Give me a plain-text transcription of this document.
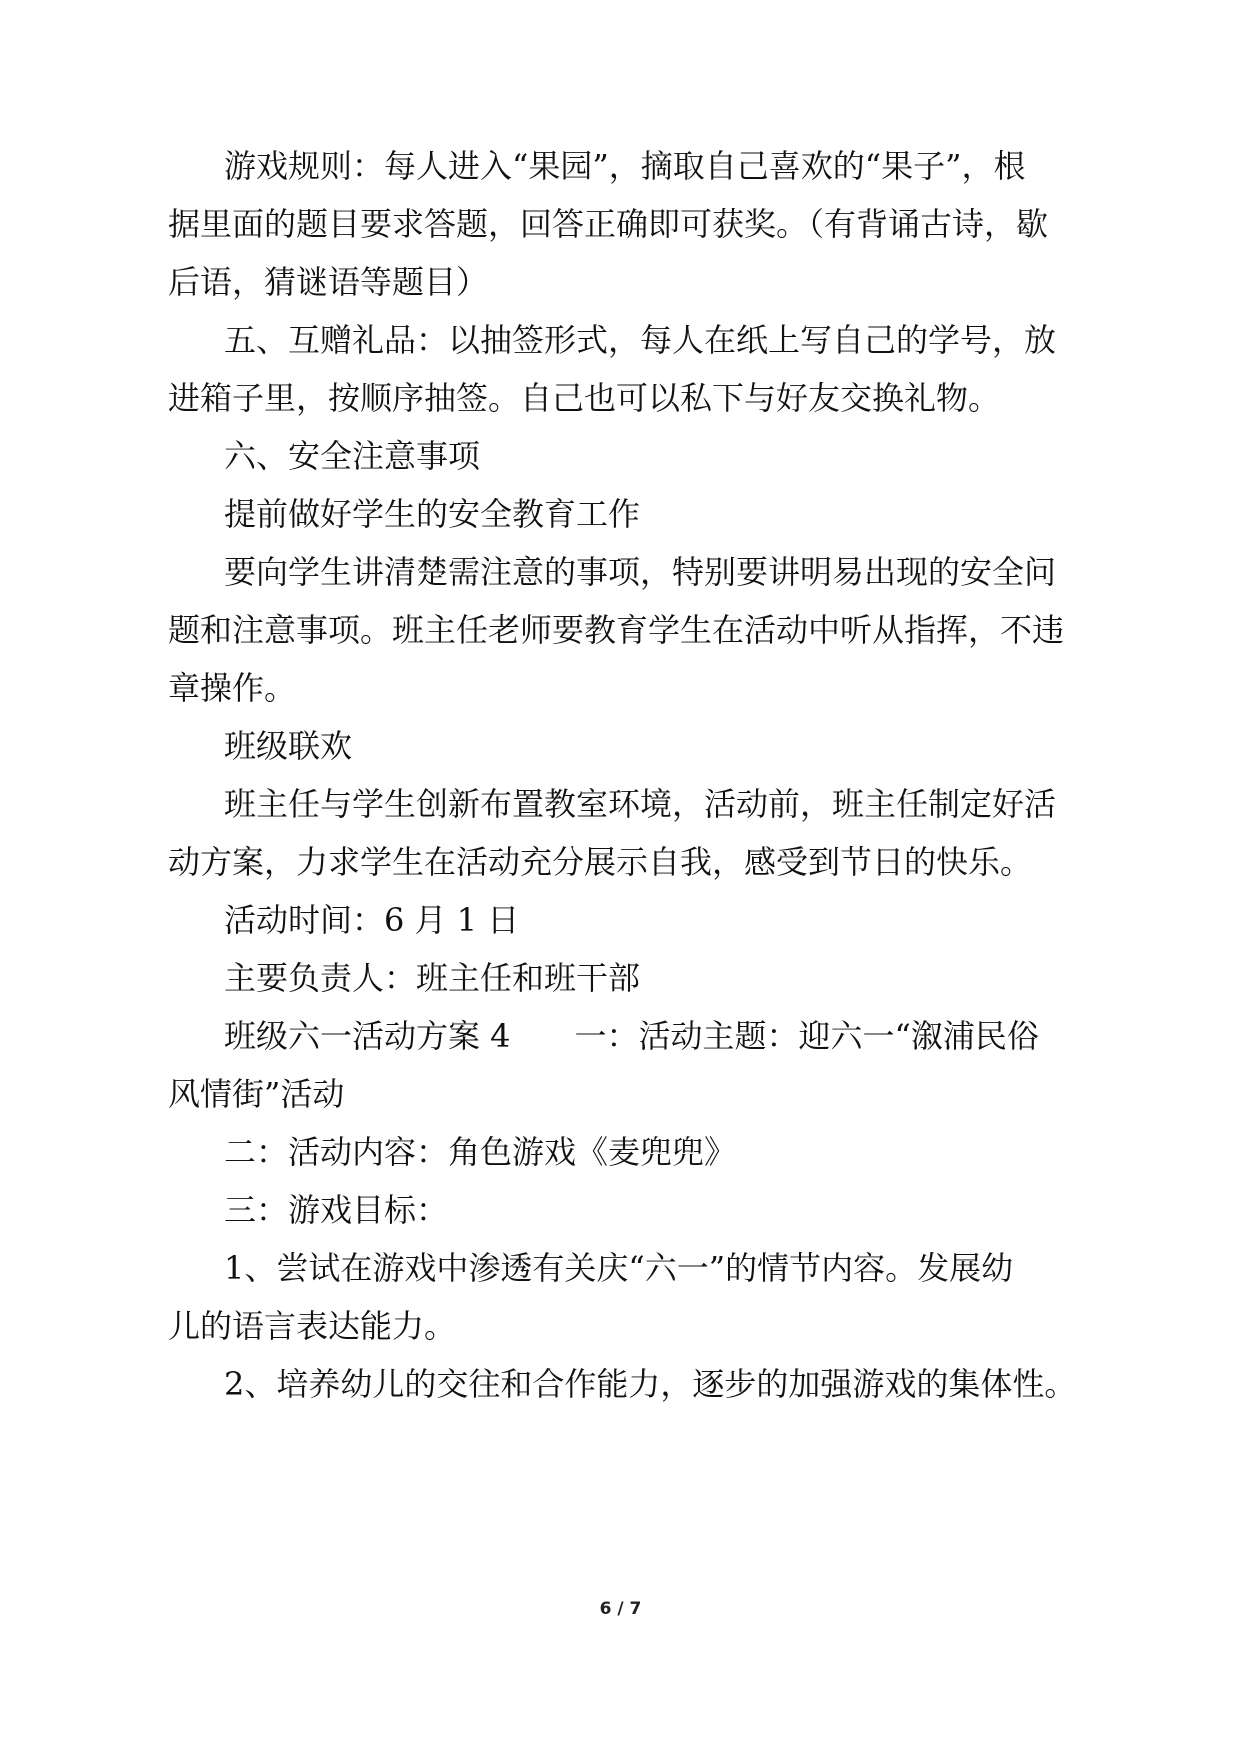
游戏规则：每人进入“果园”，摘取自己喜欢的“果子”，根
据里面的题目要求答题，回答正确即可获奖。（有背诵古诗，歇
后语，猜谜语等题目）
五、互赠礼品：以抽签形式，每人在纸上写自己的学号，放
进箱子里，按顺序抽签。自己也可以私下与好友交换礼物。
六、安全注意事项
提前做好学生的安全教育工作
要向学生讲清楚需注意的事项，特别要讲明易出现的安全问
题和注意事项。班主任老师要教育学生在活动中听从指挥，不违
章操作。
班级联欢
班主任与学生创新布置教室环境，活动前，班主任制定好活
动方案，力求学生在活动充分展示自我，感受到节日的快乐。
活动时间：6 月 1 日
主要负责人：班主任和班干部
班级六一活动方案 4　　一：活动主题：迎六一“溆浦民俗
风情街”活动
二：活动内容：角色游戏《麦兜兜》
三：游戏目标：
1、尝试在游戏中渗透有关庆“六一”的情节内容。发展幼
儿的语言表达能力。
2、培养幼儿的交往和合作能力，逐步的加强游戏的集体性。
6 / 7
